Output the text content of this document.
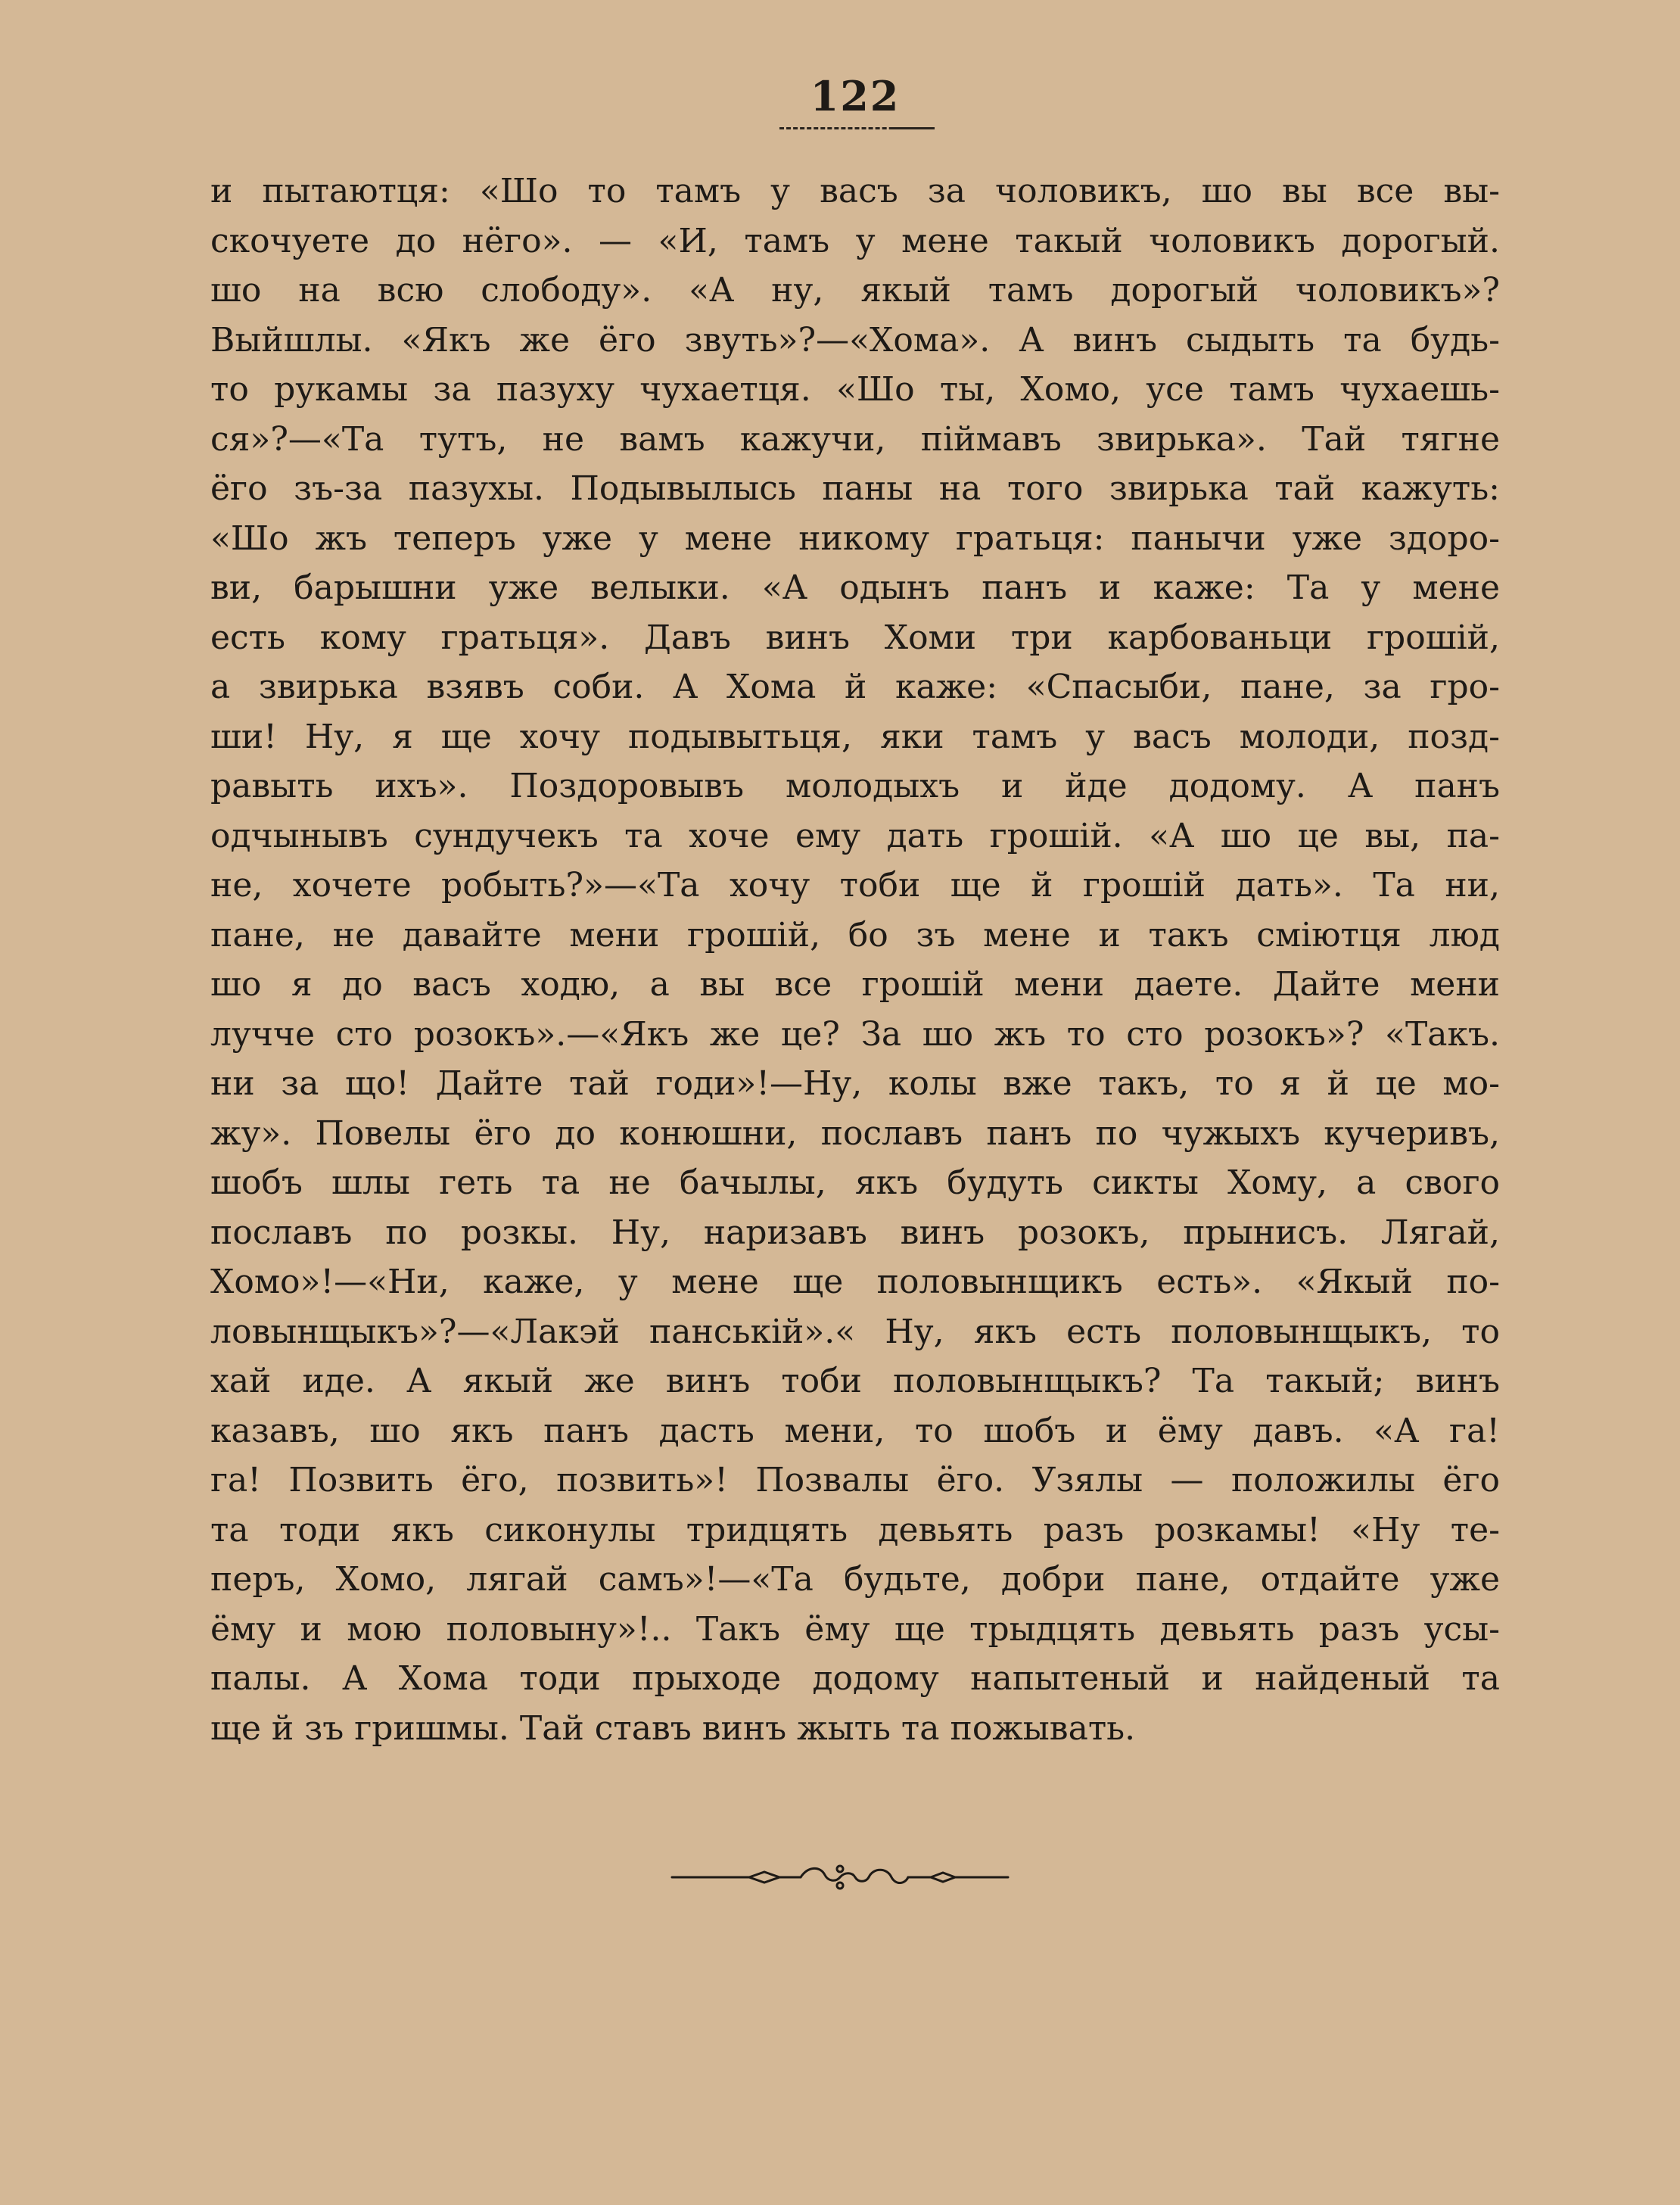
122
и пытаютця: «Шо то тамъ у васъ за чоловикъ, шо вы все вы-
скочуете до нёго». — «И, тамъ у мене такый чоловикъ дорогый.
шо на всю слободу». «А ну, якый тамъ дорогый чоловикъ»?
Выйшлы. «Якъ же ёго звуть»?—«Хома». А винъ сыдыть та будь-
то рукамы за пазуху чухаетця. «Шо ты, Хомо, усе тамъ чухаешь-
ся»?—«Та тутъ, не вамъ кажучи, піймавъ звирька». Тай тягне
ёго зъ-за пазухы. Подывылысь паны на того звирька тай кажуть:
«Шо жъ теперъ уже у мене никому гратьця: панычи уже здоро-
ви, барышни уже велыки. «А одынъ панъ и каже: Та у мене
есть кому гратьця». Давъ винъ Хоми три карбованьци грошій,
а звирька взявъ соби. А Хома й каже: «Спасыби, пане, за гро-
ши! Ну, я ще хочу подывытьця, яки тамъ у васъ молоди, позд-
равыть ихъ». Поздоровывъ молодыхъ и йде додому. А панъ
одчынывъ сундучекъ та хоче ему дать грошій. «А шо це вы, па-
не, хочете робыть?»—«Та хочу тоби ще й грошій дать». Та ни,
пане, не давайте мени грошій, бо зъ мене и такъ сміютця люд
шо я до васъ ходю, а вы все грошій мени даете. Дайте мени
лучче сто розокъ».—«Якъ же це? За шо жъ то сто розокъ»? «Такъ.
ни за що! Дайте тай годи»!—Ну, колы вже такъ, то я й це мо-
жу». Повелы ёго до конюшни, пославъ панъ по чужыхъ кучеривъ,
шобъ шлы геть та не бачылы, якъ будуть сикты Хому, а свого
пославъ по розкы. Ну, наризавъ винъ розокъ, прынисъ. Лягай,
Хомо»!—«Ни, каже, у мене ще половынщикъ есть». «Якый по-
ловынщыкъ»?—«Лакэй панській».« Ну, якъ есть половынщыкъ, то
хай иде. А якый же винъ тоби половынщыкъ? Та такый; винъ
казавъ, шо якъ панъ дасть мени, то шобъ и ёму давъ. «А га!
га! Позвить ёго, позвить»! Позвалы ёго. Узялы — положилы ёго
та тоди якъ сиконулы тридцять девьять разъ розкамы! «Ну те-
перъ, Хомо, лягай самъ»!—«Та будьте, добри пане, отдайте уже
ёму и мою половыну»!.. Такъ ёму ще трыдцять девьять разъ усы-
палы. А Хома тоди прыходе додому напытеный и найденый та
ще й зъ гришмы. Тай ставъ винъ жыть та пожывать.
